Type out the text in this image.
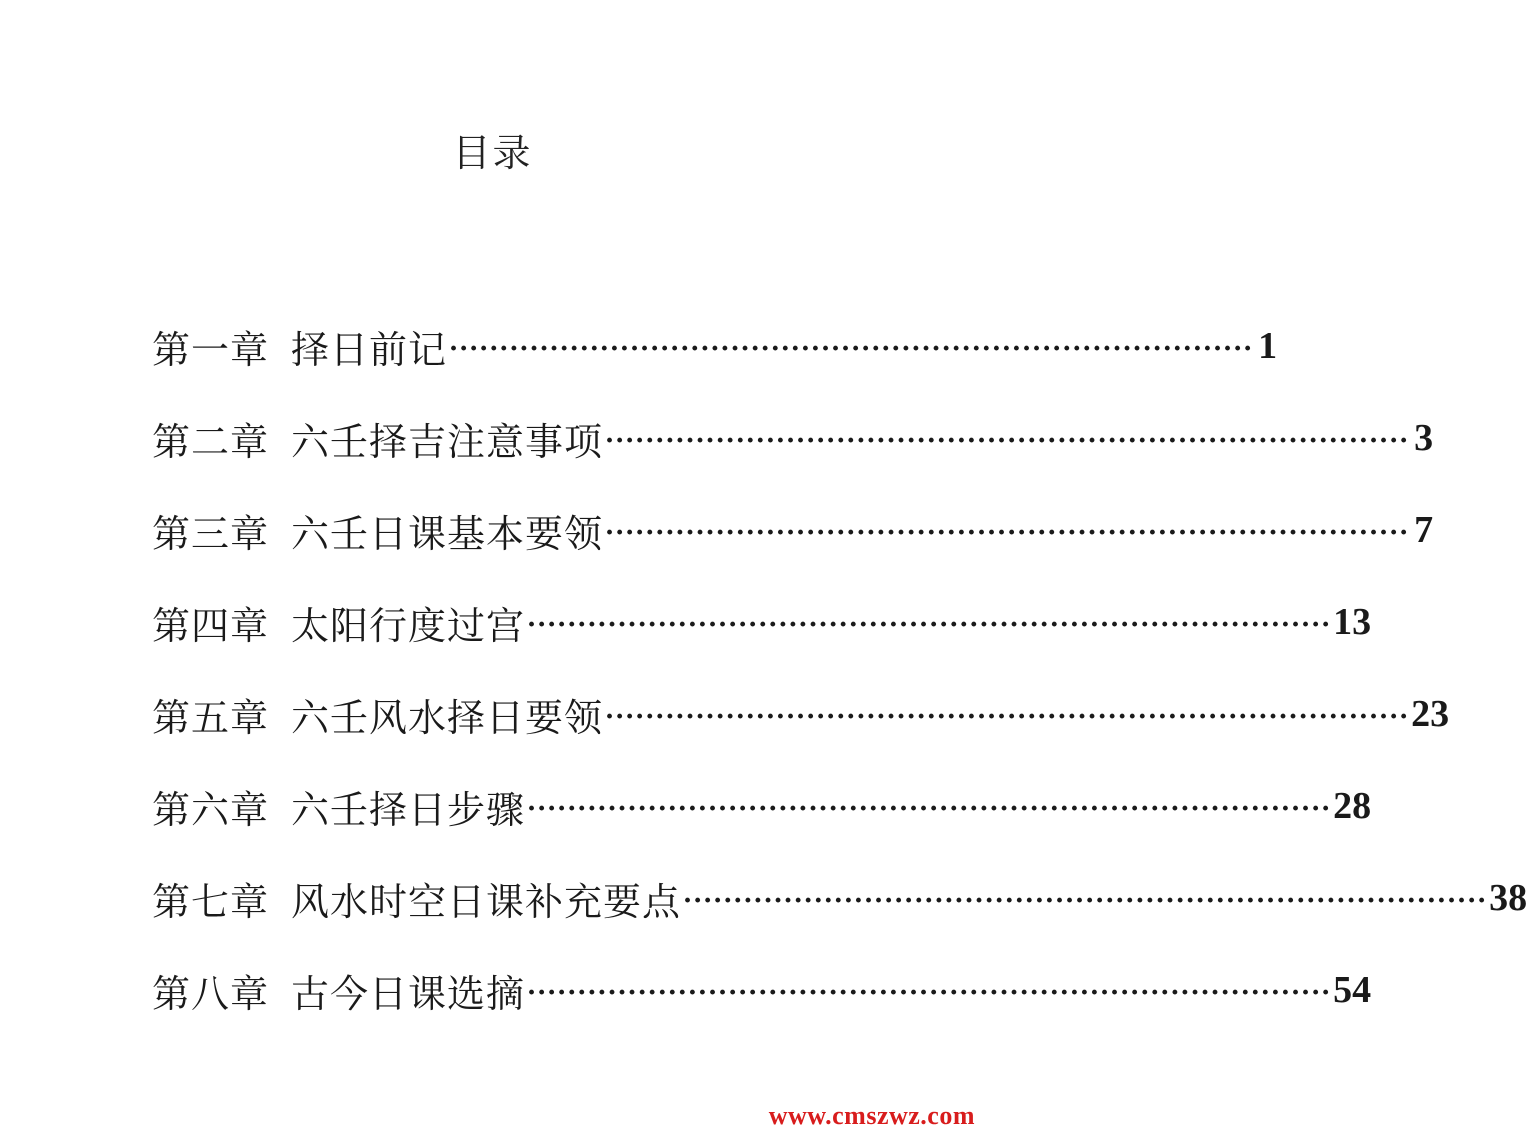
目录
第一章 择日前记 ················································································ 1
第二章 六壬择吉注意事项 ················································································ 3
第三章 六壬日课基本要领 ················································································ 7
第四章 太阳行度过宫 ················································································ 13
第五章 六壬风水择日要领 ················································································ 23
第六章 六壬择日步骤 ················································································ 28
第七章 风水时空日课补充要点 ················································································ 38
第八章 古今日课选摘 ················································································ 54
www.cmszwz.com
